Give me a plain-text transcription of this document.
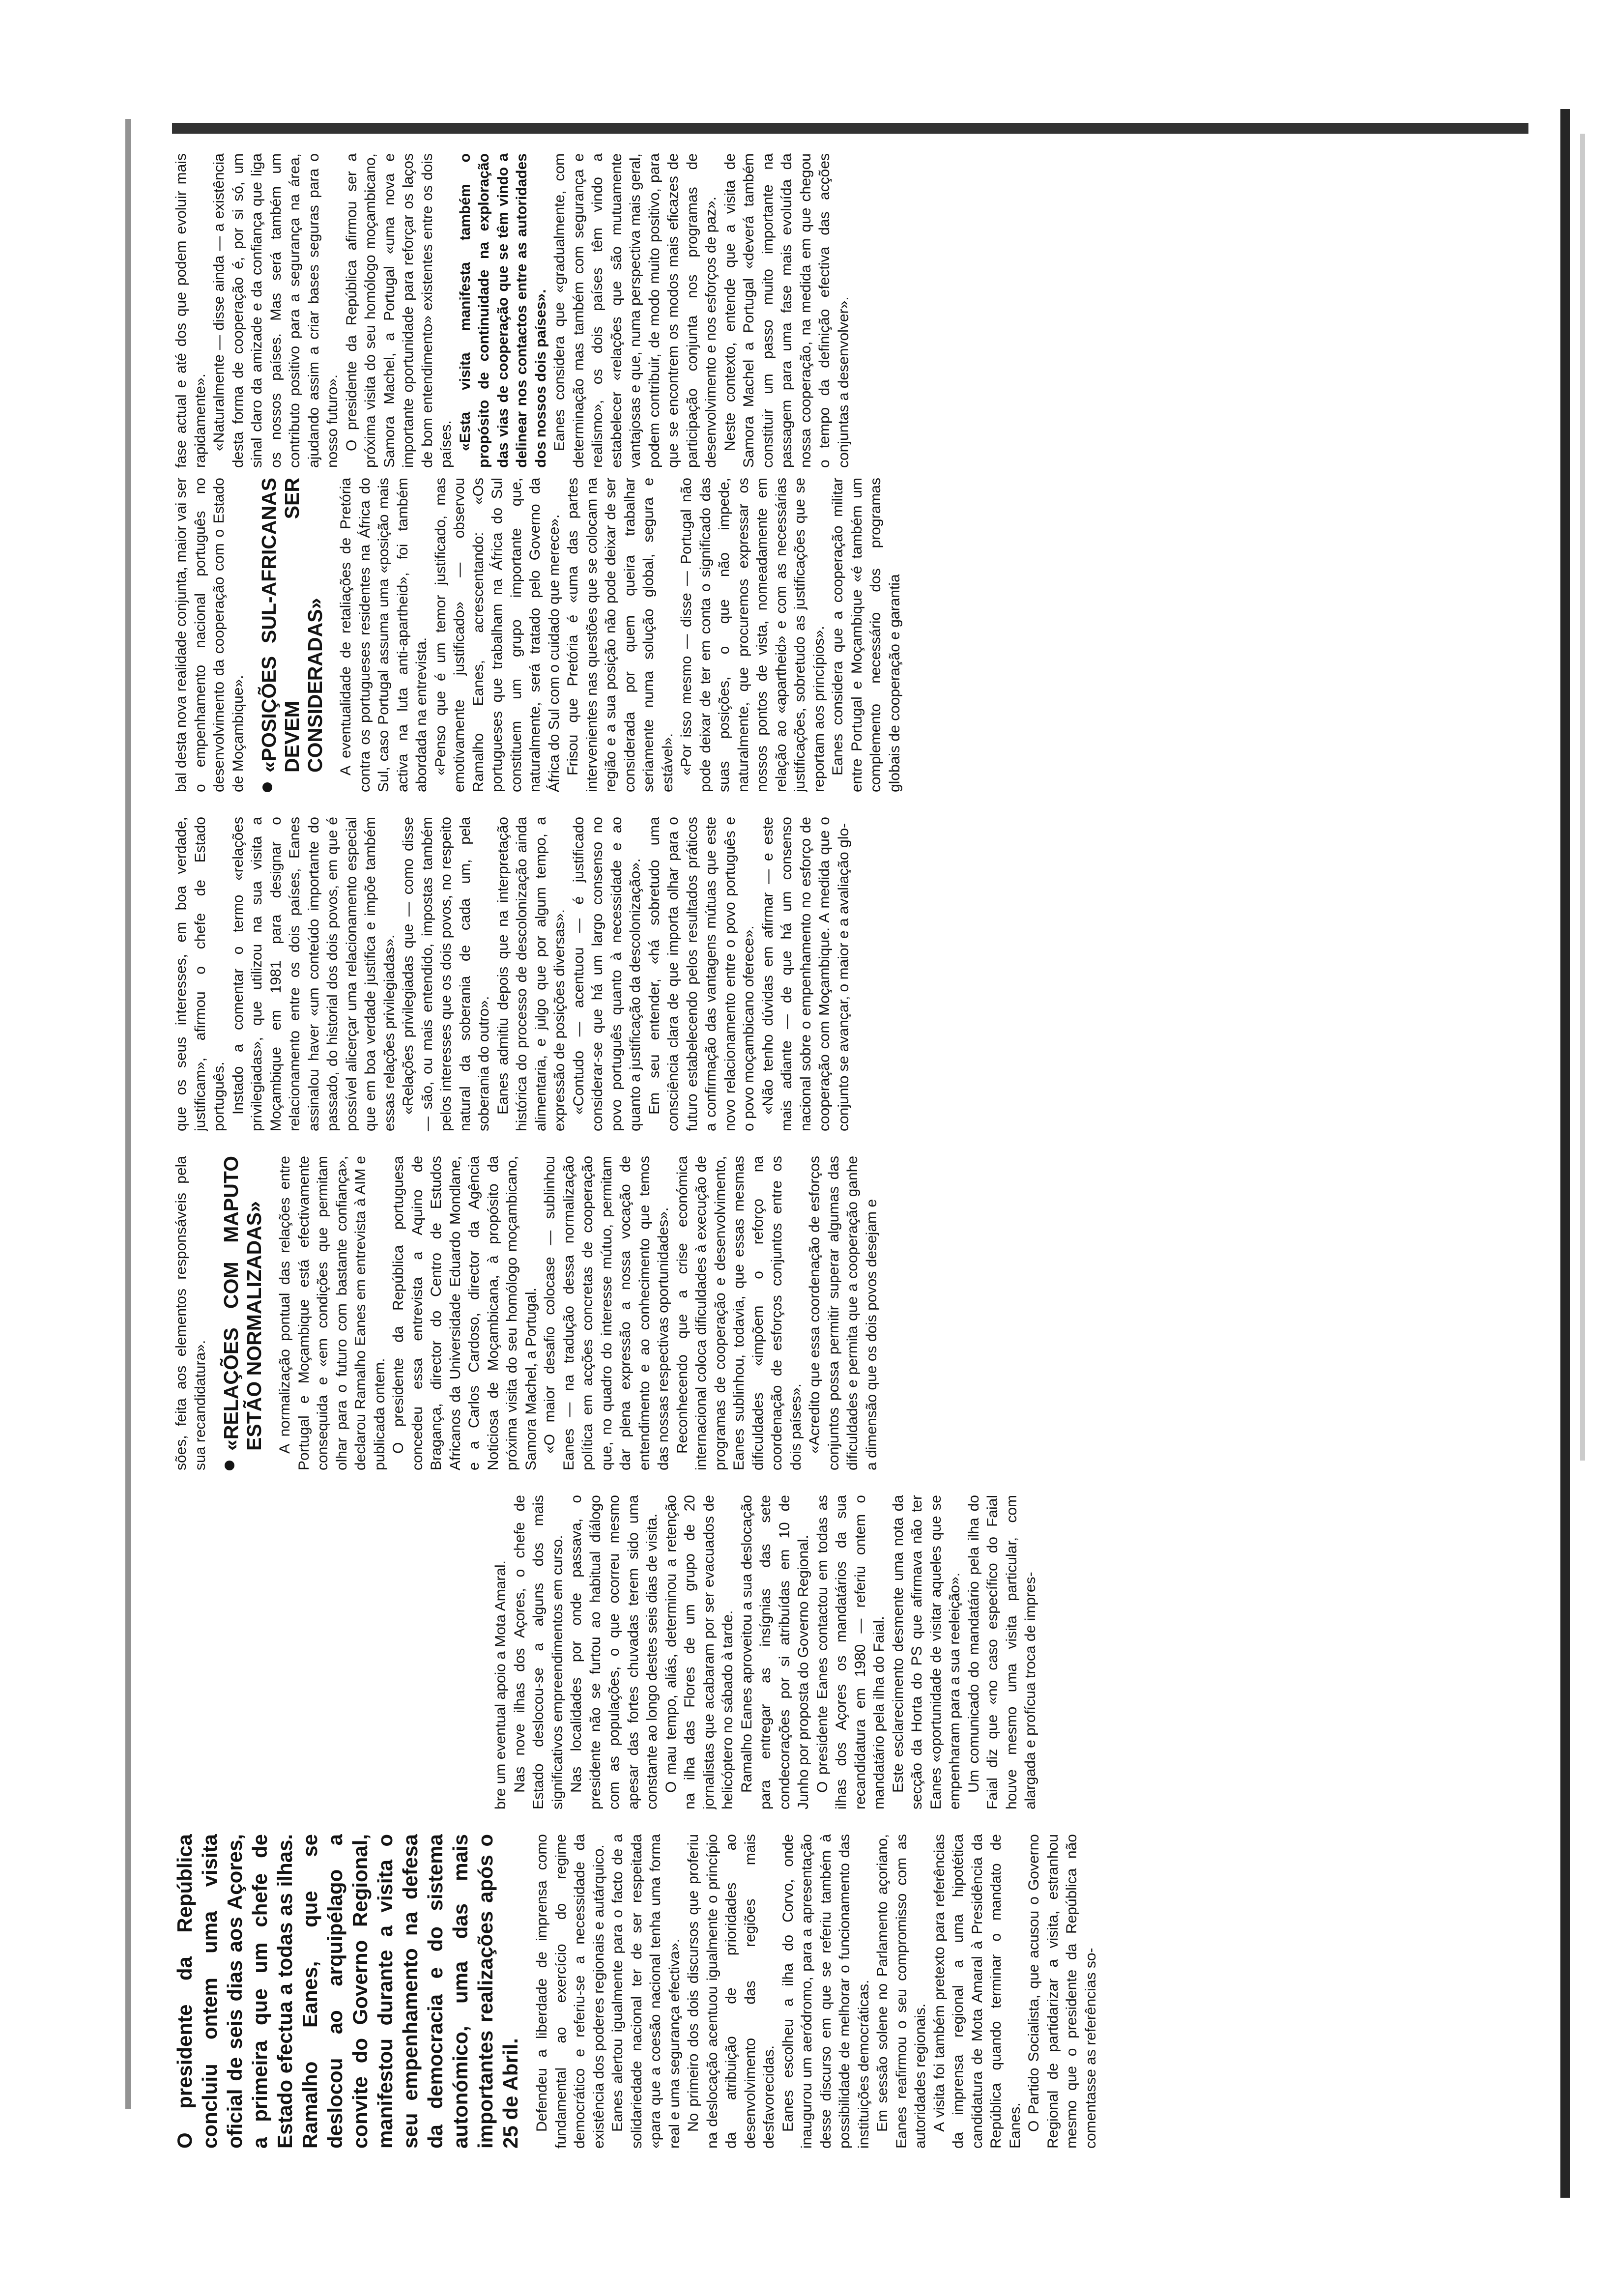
O presidente da República concluiu ontem uma visita oficial de seis dias aos Açores, a primeira que um chefe de Estado efectua a todas as ilhas. Ramalho Eanes, que se deslocou ao arquipélago a convite do Governo Regional, manifestou durante a visita o seu empenhamento na defesa da democracia e do sistema autonómico, uma das mais importantes realizações após o 25 de Abril. Defendeu a liberdade de imprensa como fundamental ao exercício do regime democrático e referiu-se a necessidade da existência dos poderes regionais e autárquico. Eanes alertou igualmente para o facto de a solidariedade nacional ter de ser respeitada «para que a coesão nacional tenha uma forma real e uma segurança efectiva». No primeiro dos dois discursos que proferiu na deslocação acentuou igualmente o princípio da atribuição de prioridades ao desenvolvimento das regiões mais desfavorecidas. Eanes escolheu a ilha do Corvo, onde inaugurou um aeródromo, para a apresentação desse discurso em que se referiu também à possibilidade de melhorar o funcionamento das instituições democráticas. Em sessão solene no Parlamento açoriano, Eanes reafirmou o seu compromisso com as autoridades regionais. A visita foi também pretexto para referências da imprensa regional a uma hipotética candidatura de Mota Amaral à Presidência da República quando terminar o mandato de Eanes. O Partido Socialista, que acusou o Governo Regional de partidarizar a visita, estranhou mesmo que o presidente da República não comentasse as referências so-

bre um eventual apoio a Mota Amaral. Nas nove ilhas dos Açores, o chefe de Estado deslocou-se a alguns dos mais significativos empreendimentos em curso. Nas localidades por onde passava, o presidente não se furtou ao habitual diálogo com as populações, o que ocorreu mesmo apesar das fortes chuvadas terem sido uma constante ao longo destes seis dias de visita. O mau tempo, aliás, determinou a retenção na ilha das Flores de um grupo de 20 jornalistas que acabaram por ser evacuados de helicóptero no sábado à tarde. Ramalho Eanes aproveitou a sua deslocação para entregar as insígnias das sete condecorações por si atribuídas em 10 de Junho por proposta do Governo Regional. O presidente Eanes contactou em todas as ilhas dos Açores os mandatários da sua recandidatura em 1980 — referiu ontem o mandatário pela ilha do Faial. Este esclarecimento desmente uma nota da secção da Horta do PS que afirmava não ter Eanes «oportunidade de visitar aqueles que se empenharam para a sua reeleição». Um comunicado do mandatário pela ilha do Faial diz que «no caso específico do Faial houve mesmo uma visita particular, com alargada e profícua troca de impres-

sões, feita aos elementos responsáveis pela sua recandidatura». «RELAÇÕES COM MAPUTO ESTÃO NORMALIZADAS» A normalização pontual das relações entre Portugal e Moçambique está efectivamente consequida e «em condições que permitam olhar para o futuro com bastante confiança», declarou Ramalho Eanes em entrevista à AIM e publicada ontem. O presidente da República portuguesa concedeu essa entrevista a Aquino de Bragança, director do Centro de Estudos Africanos da Universidade Eduardo Mondlane, e a Carlos Cardoso, director da Agência Noticiosa de Moçambicana, à propósito da próxima visita do seu homólogo moçambicano, Samora Machel, a Portugal. «O maior desafio colocase — sublinhou Eanes — na tradução dessa normalização política em acções concretas de cooperação que, no quadro do interesse mútuo, permitam dar plena expressão a nossa vocação de entendimento e ao conhecimento que temos das nossas respectivas oportunidades». Reconhecendo que a crise económica internacional coloca dificuldades à execução de programas de cooperação e desenvolvimento, Eanes sublinhou, todavia, que essas mesmas dificuldades «impõem o reforço na coordenação de esforços conjuntos entre os dois países». «Acredito que essa coordenação de esforços conjuntos possa permitir superar algumas das dificuldades e permita que a cooperação ganhe a dimensão que os dois povos desejam e

que os seus interesses, em boa verdade, justificam», afirmou o chefe de Estado português. Instado a comentar o termo «relações privilegiadas», que utilizou na sua visita a Moçambique em 1981 para designar o relacionamento entre os dois países, Eanes assinalou haver «um conteúdo importante do passado, do historial dos dois povos, em que é possível alicerçar uma relacionamento especial que em boa verdade justifica e impõe também essas relações privilegiadas». «Relações privilegiadas que — como disse — são, ou mais entendido, impostas também pelos interesses que os dois povos, no respeito natural da soberania de cada um, pela soberania do outro». Eanes admitiu depois que na interpretação histórica do processo de descolonização ainda alimentaria, e julgo que por algum tempo, a expressão de posições diversas». «Contudo — acentuou — é justificado considerar-se que há um largo consenso no povo português quanto à necessidade e ao quanto a justificação da descolonização». Em seu entender, «há sobretudo uma consciência clara de que importa olhar para o futuro estabelecendo pelos resultados práticos a confirmação das vantagens mútuas que este novo relacionamento entre o povo português e o povo moçambicano oferece». «Não tenho dúvidas em afirmar — e este mais adiante — de que há um consenso nacional sobre o empenhamento no esforço de cooperação com Moçambique. A medida que o conjunto se avançar, o maior e a avaliação glo-

bal desta nova realidade conjunta, maior vai ser o empenhamento nacional português no desenvolvimento da cooperação com o Estado de Moçambique». «POSIÇÕES SUL-AFRICANAS DEVEM SER CONSIDERADAS» A eventualidade de retaliações de Pretória contra os portugueses residentes na África do Sul, caso Portugal assuma uma «posição mais activa na luta anti-apartheid», foi também abordada na entrevista. «Penso que é um temor justificado, mas emotivamente justificado» — observou Ramalho Eanes, acrescentando: «Os portugueses que trabalham na África do Sul constituem um grupo importante que, naturalmente, será tratado pelo Governo da África do Sul com o cuidado que merece». Frisou que Pretória é «uma das partes intervenientes nas questões que se colocam na região e a sua posição não pode deixar de ser considerada por quem queira trabalhar seriamente numa solução global, segura e estável». «Por isso mesmo — disse — Portugal não pode deixar de ter em conta o significado das suas posições, o que não impede, naturalmente, que procuremos expressar os nossos pontos de vista, nomeadamente em relação ao «apartheid» e com as necessárias justificações, sobretudo as justificações que se reportam aos princípios». Eanes considera que a cooperação militar entre Portugal e Moçambique «é também um complemento necessário dos programas globais de cooperação e garantia

fase actual e até dos que podem evoluir mais rapidamente». «Naturalmente — disse ainda — a existência desta forma de cooperação é, por si só, um sinal claro da amizade e da confiança que liga os nossos países. Mas será também um contributo positivo para a segurança na área, ajudando assim a criar bases seguras para o nosso futuro». O presidente da República afirmou ser a próxima visita do seu homólogo moçambicano, Samora Machel, a Portugal «uma nova e importante oportunidade para reforçar os laços de bom entendimento» existentes entre os dois países. «Esta visita manifesta também o propósito de continuidade na exploração das vias de cooperação que se têm vindo a delinear nos contactos entre as autoridades dos nossos dois países». Eanes considera que «gradualmente, com determinação mas também com segurança e realismo», os dois países têm vindo a estabelecer «relações que são mutuamente vantajosas e que, numa perspectiva mais geral, podem contribuir, de modo muito positivo, para que se encontrem os modos mais eficazes de participação conjunta nos programas de desenvolvimento e nos esforços de paz». Neste contexto, entende que a visita de Samora Machel a Portugal «deverá também constituir um passo muito importante na passagem para uma fase mais evoluída da nossa cooperação, na medida em que chegou o tempo da definição efectiva das acções conjuntas a desenvolver».
